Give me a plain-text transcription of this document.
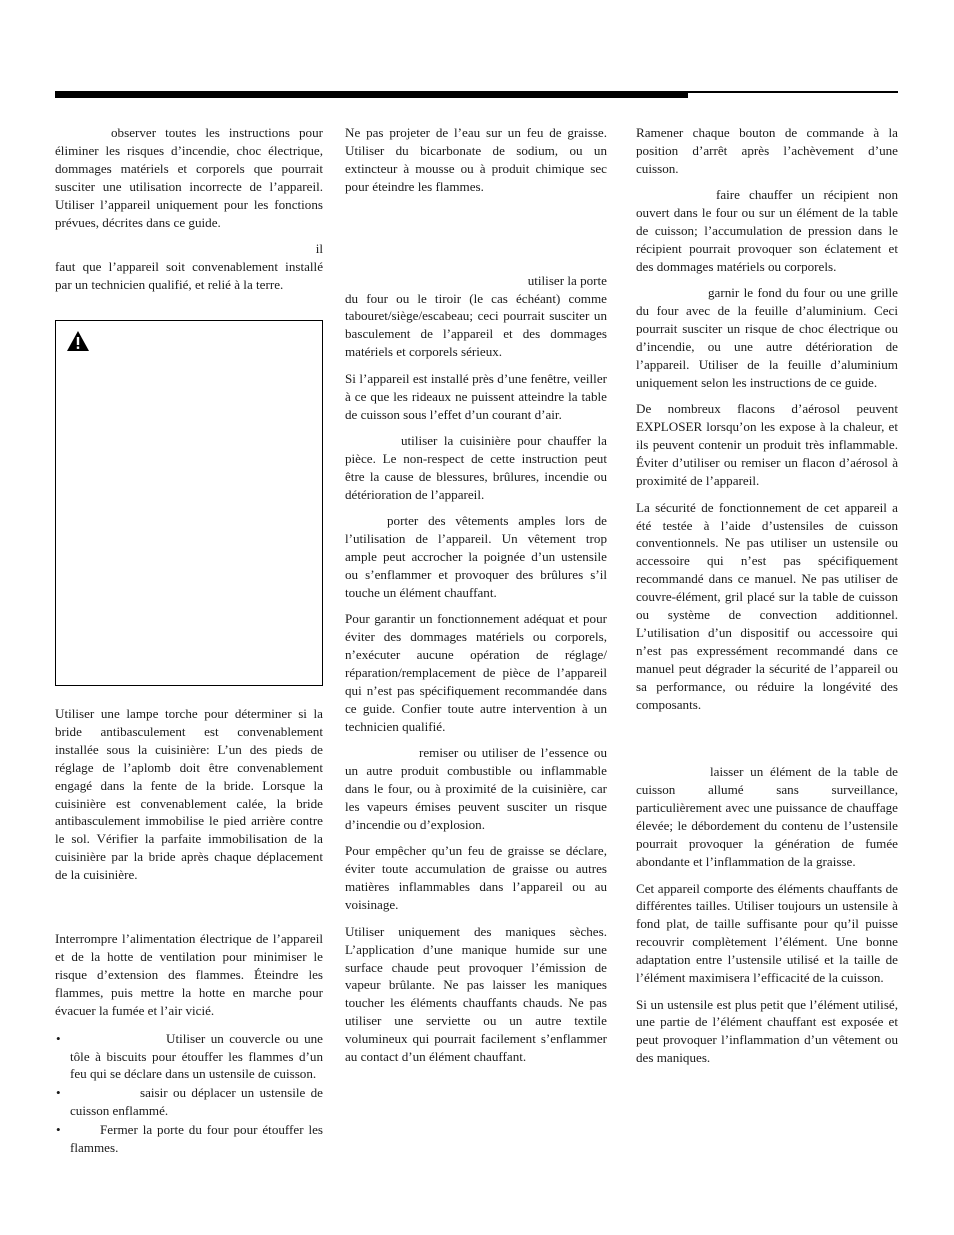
observer toutes les instructions pour éliminer les risques d’incendie, choc électrique, dommages matériels et corporels que pourrait susciter une utilisation incorrecte de l’appareil. Utiliser l’appareil uniquement pour les fonctions prévues, décrites dans ce guide.

il
faut que l’appareil soit convenablement installé par un technicien qualifié, et relié à la terre.

Utiliser une lampe torche pour déterminer si la bride antibasculement est convenablement installée sous la cuisinière: L’un des pieds de réglage de l’aplomb doit être convenablement engagé dans la fente de la bride. Lorsque la cuisinière est convenablement calée, la bride antibasculement immobilise le pied arrière contre le sol. Vérifier la parfaite immobilisation de la cuisinière par la bride après chaque déplacement de la cuisinière.

Interrompre l’alimentation électrique de l’appareil et de la hotte de ventilation pour minimiser le risque d’extension des flammes. Éteindre les flammes, puis mettre la hotte en marche pour évacuer la fumée et l’air vicié.

•	Utiliser un couvercle ou une tôle à biscuits pour étouffer les flammes d’un feu qui se déclare dans un ustensile de cuisson.
•	saisir ou déplacer un ustensile de cuisson enflammé.
•	Fermer la porte du four pour étouffer les flammes.

Ne pas projeter de l’eau sur un feu de graisse. Utiliser du bicarbonate de sodium, ou un extincteur à mousse ou à produit chimique sec pour éteindre les flammes.

utiliser la porte
du four ou le tiroir (le cas échéant) comme tabouret/siège/escabeau; ceci pourrait susciter un basculement de l’appareil et des dommages matériels et corporels sérieux.

Si l’appareil est installé près d’une fenêtre, veiller à ce que les rideaux ne puissent atteindre la table de cuisson sous l’effet d’un courant d’air.

utiliser la cuisinière pour chauffer la pièce. Le non-respect de cette instruction peut être la cause de blessures, brûlures, incendie ou détérioration de l’appareil.

porter des vêtements amples lors de l’utilisation de l’appareil. Un vêtement trop ample peut accrocher la poignée d’un ustensile ou s’enflammer et provoquer des brûlures s’il touche un élément chauffant.

Pour garantir un fonctionnement adéquat et pour éviter des dommages matériels ou corporels, n’exécuter aucune opération de réglage/ réparation/remplacement de pièce de l’appareil qui n’est pas spécifiquement recommandée dans ce guide. Confier toute autre intervention à un technicien qualifié.

remiser ou utiliser de l’essence ou un autre produit combustible ou inflammable dans le four, ou à proximité de la cuisinière, car les vapeurs émises peuvent susciter un risque d’incendie ou d’explosion.

Pour empêcher qu’un feu de graisse se déclare, éviter toute accumulation de graisse ou autres matières inflammables dans l’appareil ou au voisinage.

Utiliser uniquement des maniques sèches. L’application d’une manique humide sur une surface chaude peut provoquer l’émission de vapeur brûlante. Ne pas laisser les maniques toucher les éléments chauffants chauds. Ne pas utiliser une serviette ou un autre textile volumineux qui pourrait facilement s’enflammer au contact d’un élément chauffant.

Ramener chaque bouton de commande à la position d’arrêt après l’achèvement d’une cuisson.

faire chauffer un récipient non ouvert dans le four ou sur un élément de la table de cuisson; l’accumulation de pression dans le récipient pourrait provoquer son éclatement et des dommages matériels ou corporels.

garnir le fond du four ou une grille du four avec de la feuille d’aluminium. Ceci pourrait susciter un risque de choc électrique ou d’incendie, ou une autre détérioration de l’appareil. Utiliser de la feuille d’aluminium uniquement selon les instructions de ce guide.

De nombreux flacons d’aérosol peuvent EXPLOSER lorsqu’on les expose à la chaleur, et ils peuvent contenir un produit très inflammable. Éviter d’utiliser ou remiser un flacon d’aérosol à proximité de l’appareil.

La sécurité de fonctionnement de cet appareil a été testée à l’aide d’ustensiles de cuisson conventionnels. Ne pas utiliser un ustensile ou accessoire qui n’est pas spécifiquement recommandé dans ce manuel. Ne pas utiliser de couvre-élément, gril placé sur la table de cuisson ou système de convection additionnel. L’utilisation d’un dispositif ou accessoire qui n’est pas expressément recommandé dans ce manuel peut dégrader la sécurité de l’appareil ou sa performance, ou réduire la longévité des composants.

laisser un élément de la table de cuisson allumé sans surveillance, particulièrement avec une puissance de chauffage élevée; le débordement du contenu de l’ustensile pourrait provoquer la génération de fumée abondante et l’inflammation de la graisse.

Cet appareil comporte des éléments chauffants de différentes tailles. Utiliser toujours un ustensile à fond plat, de taille suffisante pour qu’il puisse recouvrir complètement l’élément. Une bonne adaptation entre l’ustensile utilisé et la taille de l’élément maximisera l’efficacité de la cuisson.

Si un ustensile est plus petit que l’élément utilisé, une partie de l’élément chauffant est exposée et peut provoquer l’inflammation d’un vêtement ou des maniques.
